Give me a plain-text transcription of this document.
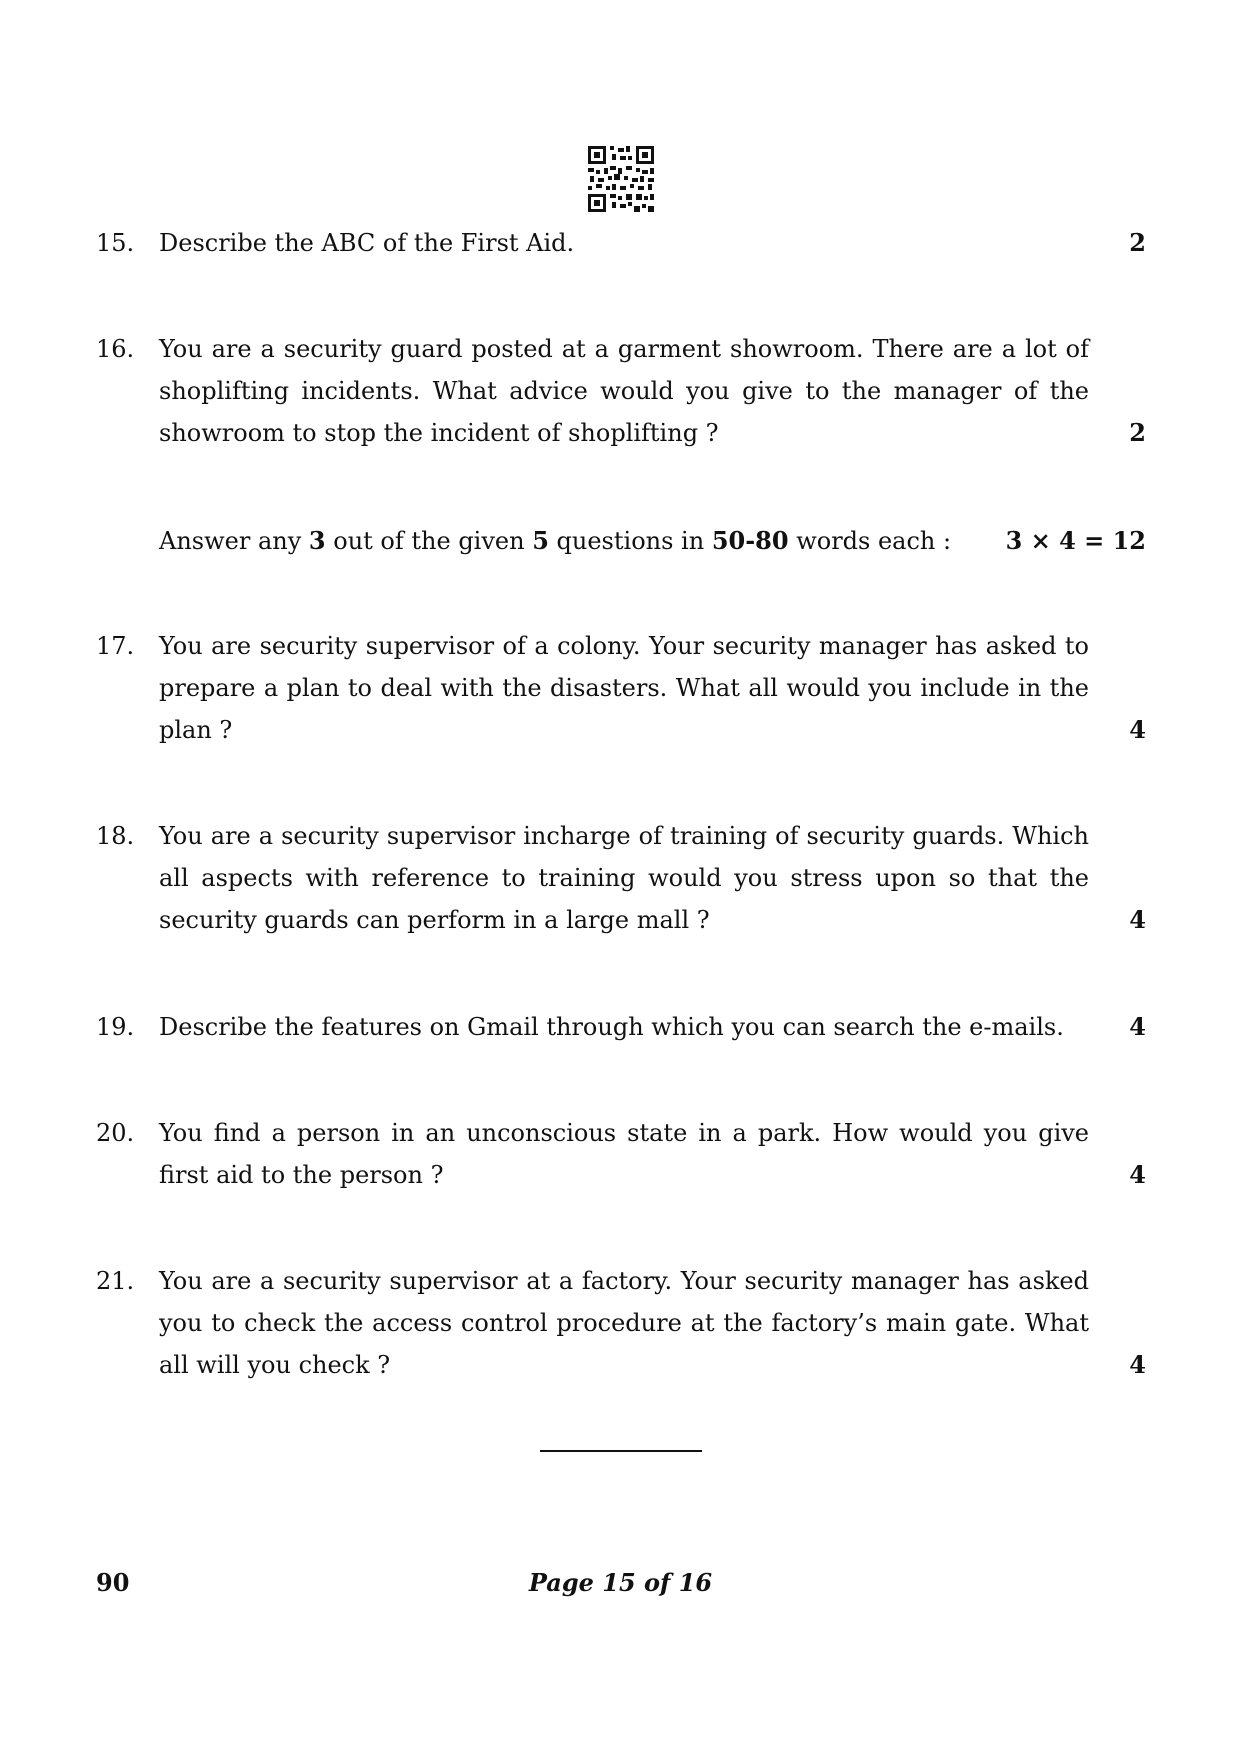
15.	Describe the ABC of the First Aid.	2
16.	You are a security guard posted at a garment showroom. There are a lot of shoplifting incidents. What advice would you give to the manager of the showroom to stop the incident of shoplifting ?	2
Answer any 3 out of the given 5 questions in 50-80 words each : 3 × 4 = 12
17.	You are security supervisor of a colony. Your security manager has asked to prepare a plan to deal with the disasters. What all would you include in the plan ?	4
18.	You are a security supervisor incharge of training of security guards. Which all aspects with reference to training would you stress upon so that the security guards can perform in a large mall ?	4
19.	Describe the features on Gmail through which you can search the e-mails.	4
20.	You find a person in an unconscious state in a park. How would you give first aid to the person ?	4
21.	You are a security supervisor at a factory. Your security manager has asked you to check the access control procedure at the factory’s main gate. What all will you check ?	4
90	Page 15 of 16
